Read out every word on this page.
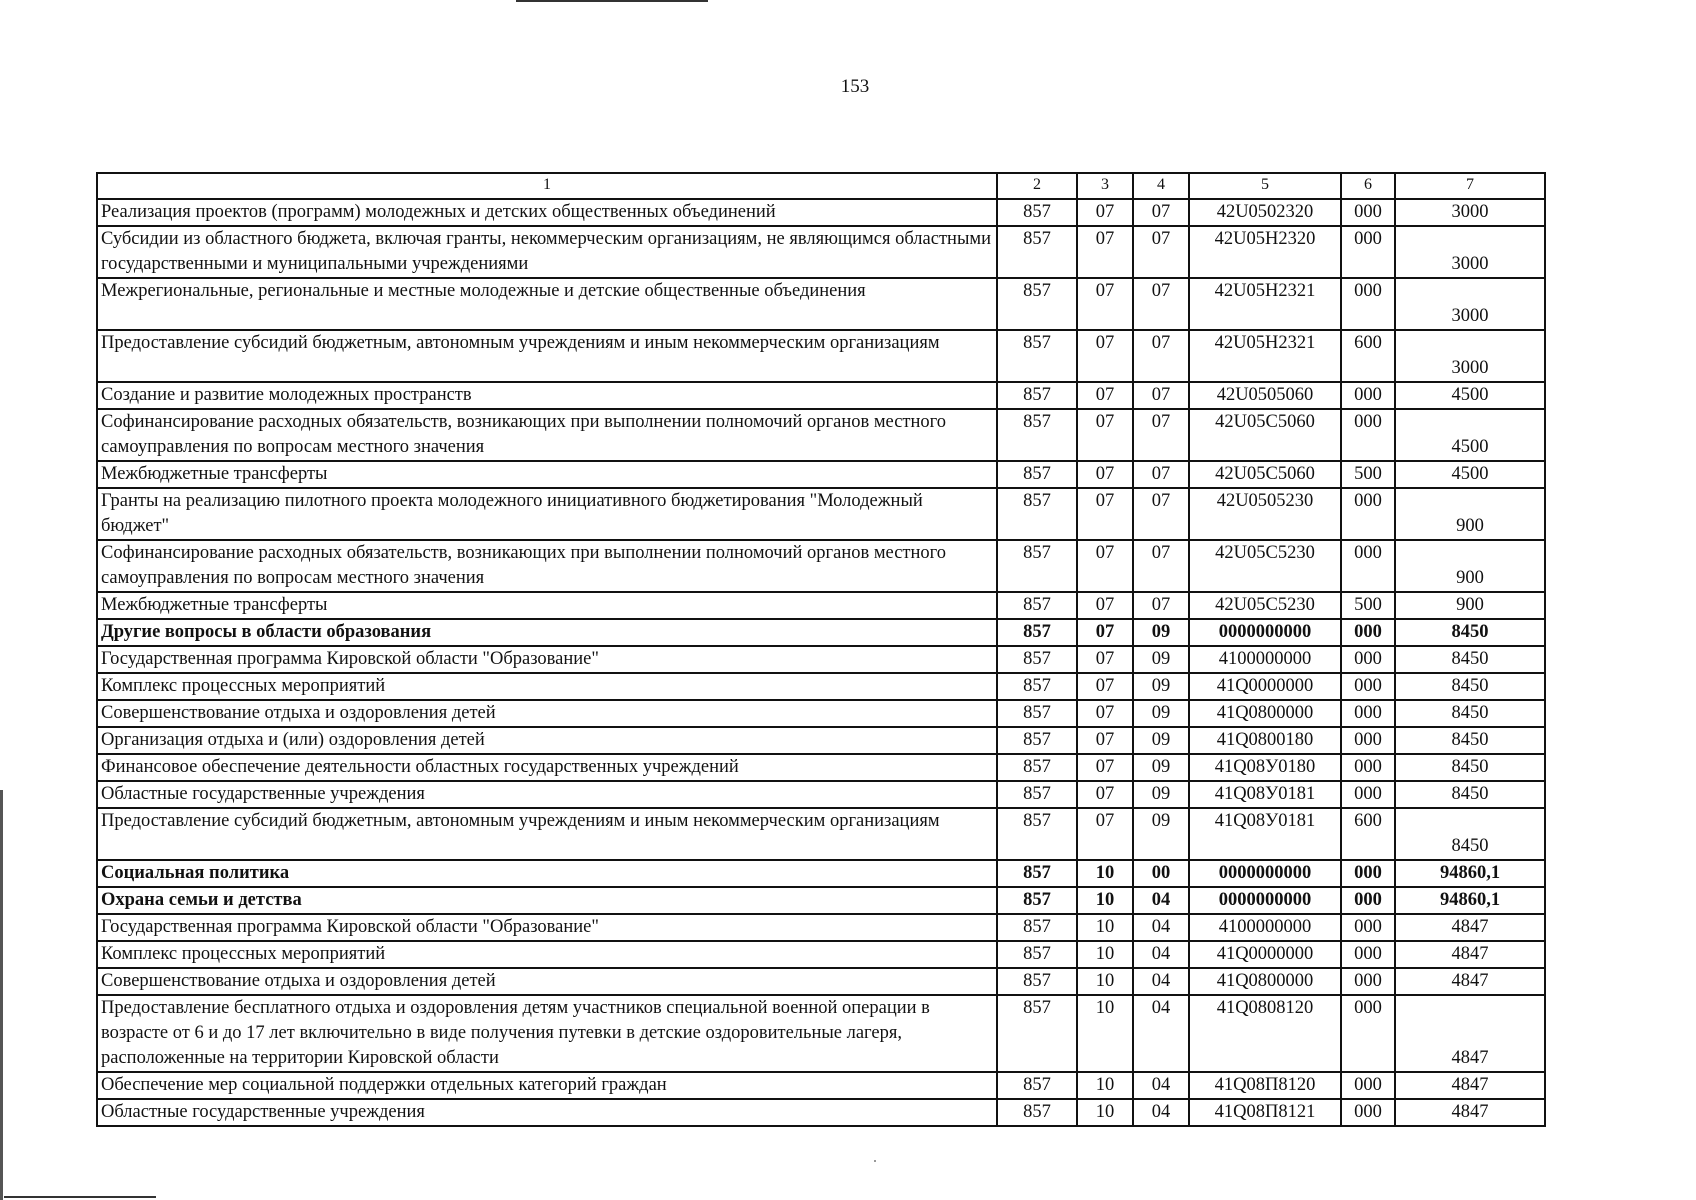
153
1	2	3	4	5	6	7
Реализация проектов (программ) молодежных и детских общественных объединений	857	07	07	42U0502320	000	3000
Субсидии из областного бюджета, включая гранты, некоммерческим организациям, не являющимся областными государственными и муниципальными учреждениями	857	07	07	42U05H2320	000	3000
Межрегиональные, региональные и местные молодежные и детские общественные объединения	857	07	07	42U05H2321	000	3000
Предоставление субсидий бюджетным, автономным учреждениям и иным некоммерческим организациям	857	07	07	42U05H2321	600	3000
Создание и развитие молодежных пространств	857	07	07	42U0505060	000	4500
Софинансирование расходных обязательств, возникающих при выполнении полномочий органов местного самоуправления по вопросам местного значения	857	07	07	42U05C5060	000	4500
Межбюджетные трансферты	857	07	07	42U05C5060	500	4500
Гранты на реализацию пилотного проекта молодежного инициативного бюджетирования "Молодежный бюджет"	857	07	07	42U0505230	000	900
Софинансирование расходных обязательств, возникающих при выполнении полномочий органов местного самоуправления по вопросам местного значения	857	07	07	42U05C5230	000	900
Межбюджетные трансферты	857	07	07	42U05C5230	500	900
Другие вопросы в области образования	857	07	09	0000000000	000	8450
Государственная программа Кировской области "Образование"	857	07	09	4100000000	000	8450
Комплекс процессных мероприятий	857	07	09	41Q0000000	000	8450
Совершенствование отдыха и оздоровления детей	857	07	09	41Q0800000	000	8450
Организация отдыха и (или) оздоровления детей	857	07	09	41Q0800180	000	8450
Финансовое обеспечение деятельности областных государственных учреждений	857	07	09	41Q08У0180	000	8450
Областные государственные учреждения	857	07	09	41Q08У0181	000	8450
Предоставление субсидий бюджетным, автономным учреждениям и иным некоммерческим организациям	857	07	09	41Q08У0181	600	8450
Социальная политика	857	10	00	0000000000	000	94860,1
Охрана семьи и детства	857	10	04	0000000000	000	94860,1
Государственная программа Кировской области "Образование"	857	10	04	4100000000	000	4847
Комплекс процессных мероприятий	857	10	04	41Q0000000	000	4847
Совершенствование отдыха и оздоровления детей	857	10	04	41Q0800000	000	4847
Предоставление бесплатного отдыха и оздоровления детям участников специальной военной операции в возрасте от 6 и до 17 лет включительно в виде получения путевки в детские оздоровительные лагеря, расположенные на территории Кировской области	857	10	04	41Q0808120	000	4847
Обеспечение мер социальной поддержки отдельных категорий граждан	857	10	04	41Q08П8120	000	4847
Областные государственные учреждения	857	10	04	41Q08П8121	000	4847
